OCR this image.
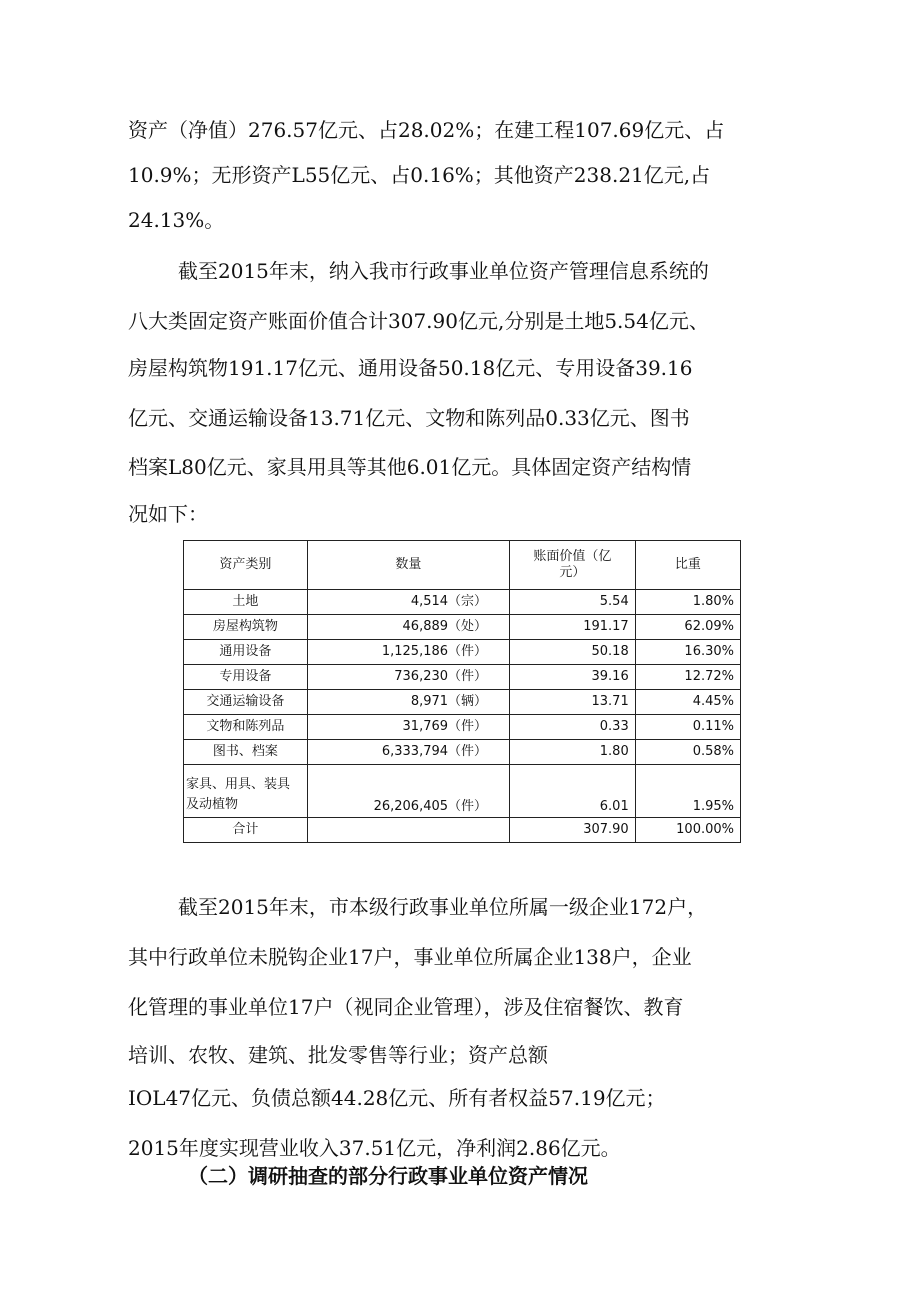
资产（净值）276.57亿元、占28.02%；在建工程107.69亿元、占
10.9%；无形资产L55亿元、占0.16%；其他资产238.21亿元,占
24.13%。
截至2015年末，纳入我市行政事业单位资产管理信息系统的
八大类固定资产账面价值合计307.90亿元,分别是土地5.54亿元、
房屋构筑物191.17亿元、通用设备50.18亿元、专用设备39.16
亿元、交通运输设备13.71亿元、文物和陈列品0.33亿元、图书
档案L80亿元、家具用具等其他6.01亿元。具体固定资产结构情
况如下：
资产类别	数量	账面价值（亿元）	比重
土地	4,514（宗）	5.54	1.80%
房屋构筑物	46,889（处）	191.17	62.09%
通用设备	1,125,186（件）	50.18	16.30%
专用设备	736,230（件）	39.16	12.72%
交通运输设备	8,971（辆）	13.71	4.45%
文物和陈列品	31,769（件）	0.33	0.11%
图书、档案	6,333,794（件）	1.80	0.58%
家具、用具、装具及动植物	26,206,405（件）	6.01	1.95%
合计		307.90	100.00%
截至2015年末，市本级行政事业单位所属一级企业172户，
其中行政单位未脱钩企业17户，事业单位所属企业138户，企业
化管理的事业单位17户（视同企业管理），涉及住宿餐饮、教育
培训、农牧、建筑、批发零售等行业；资产总额
IOL47亿元、负债总额44.28亿元、所有者权益57.19亿元；
2015年度实现营业收入37.51亿元，净利润2.86亿元。
（二）调研抽查的部分行政事业单位资产情况
